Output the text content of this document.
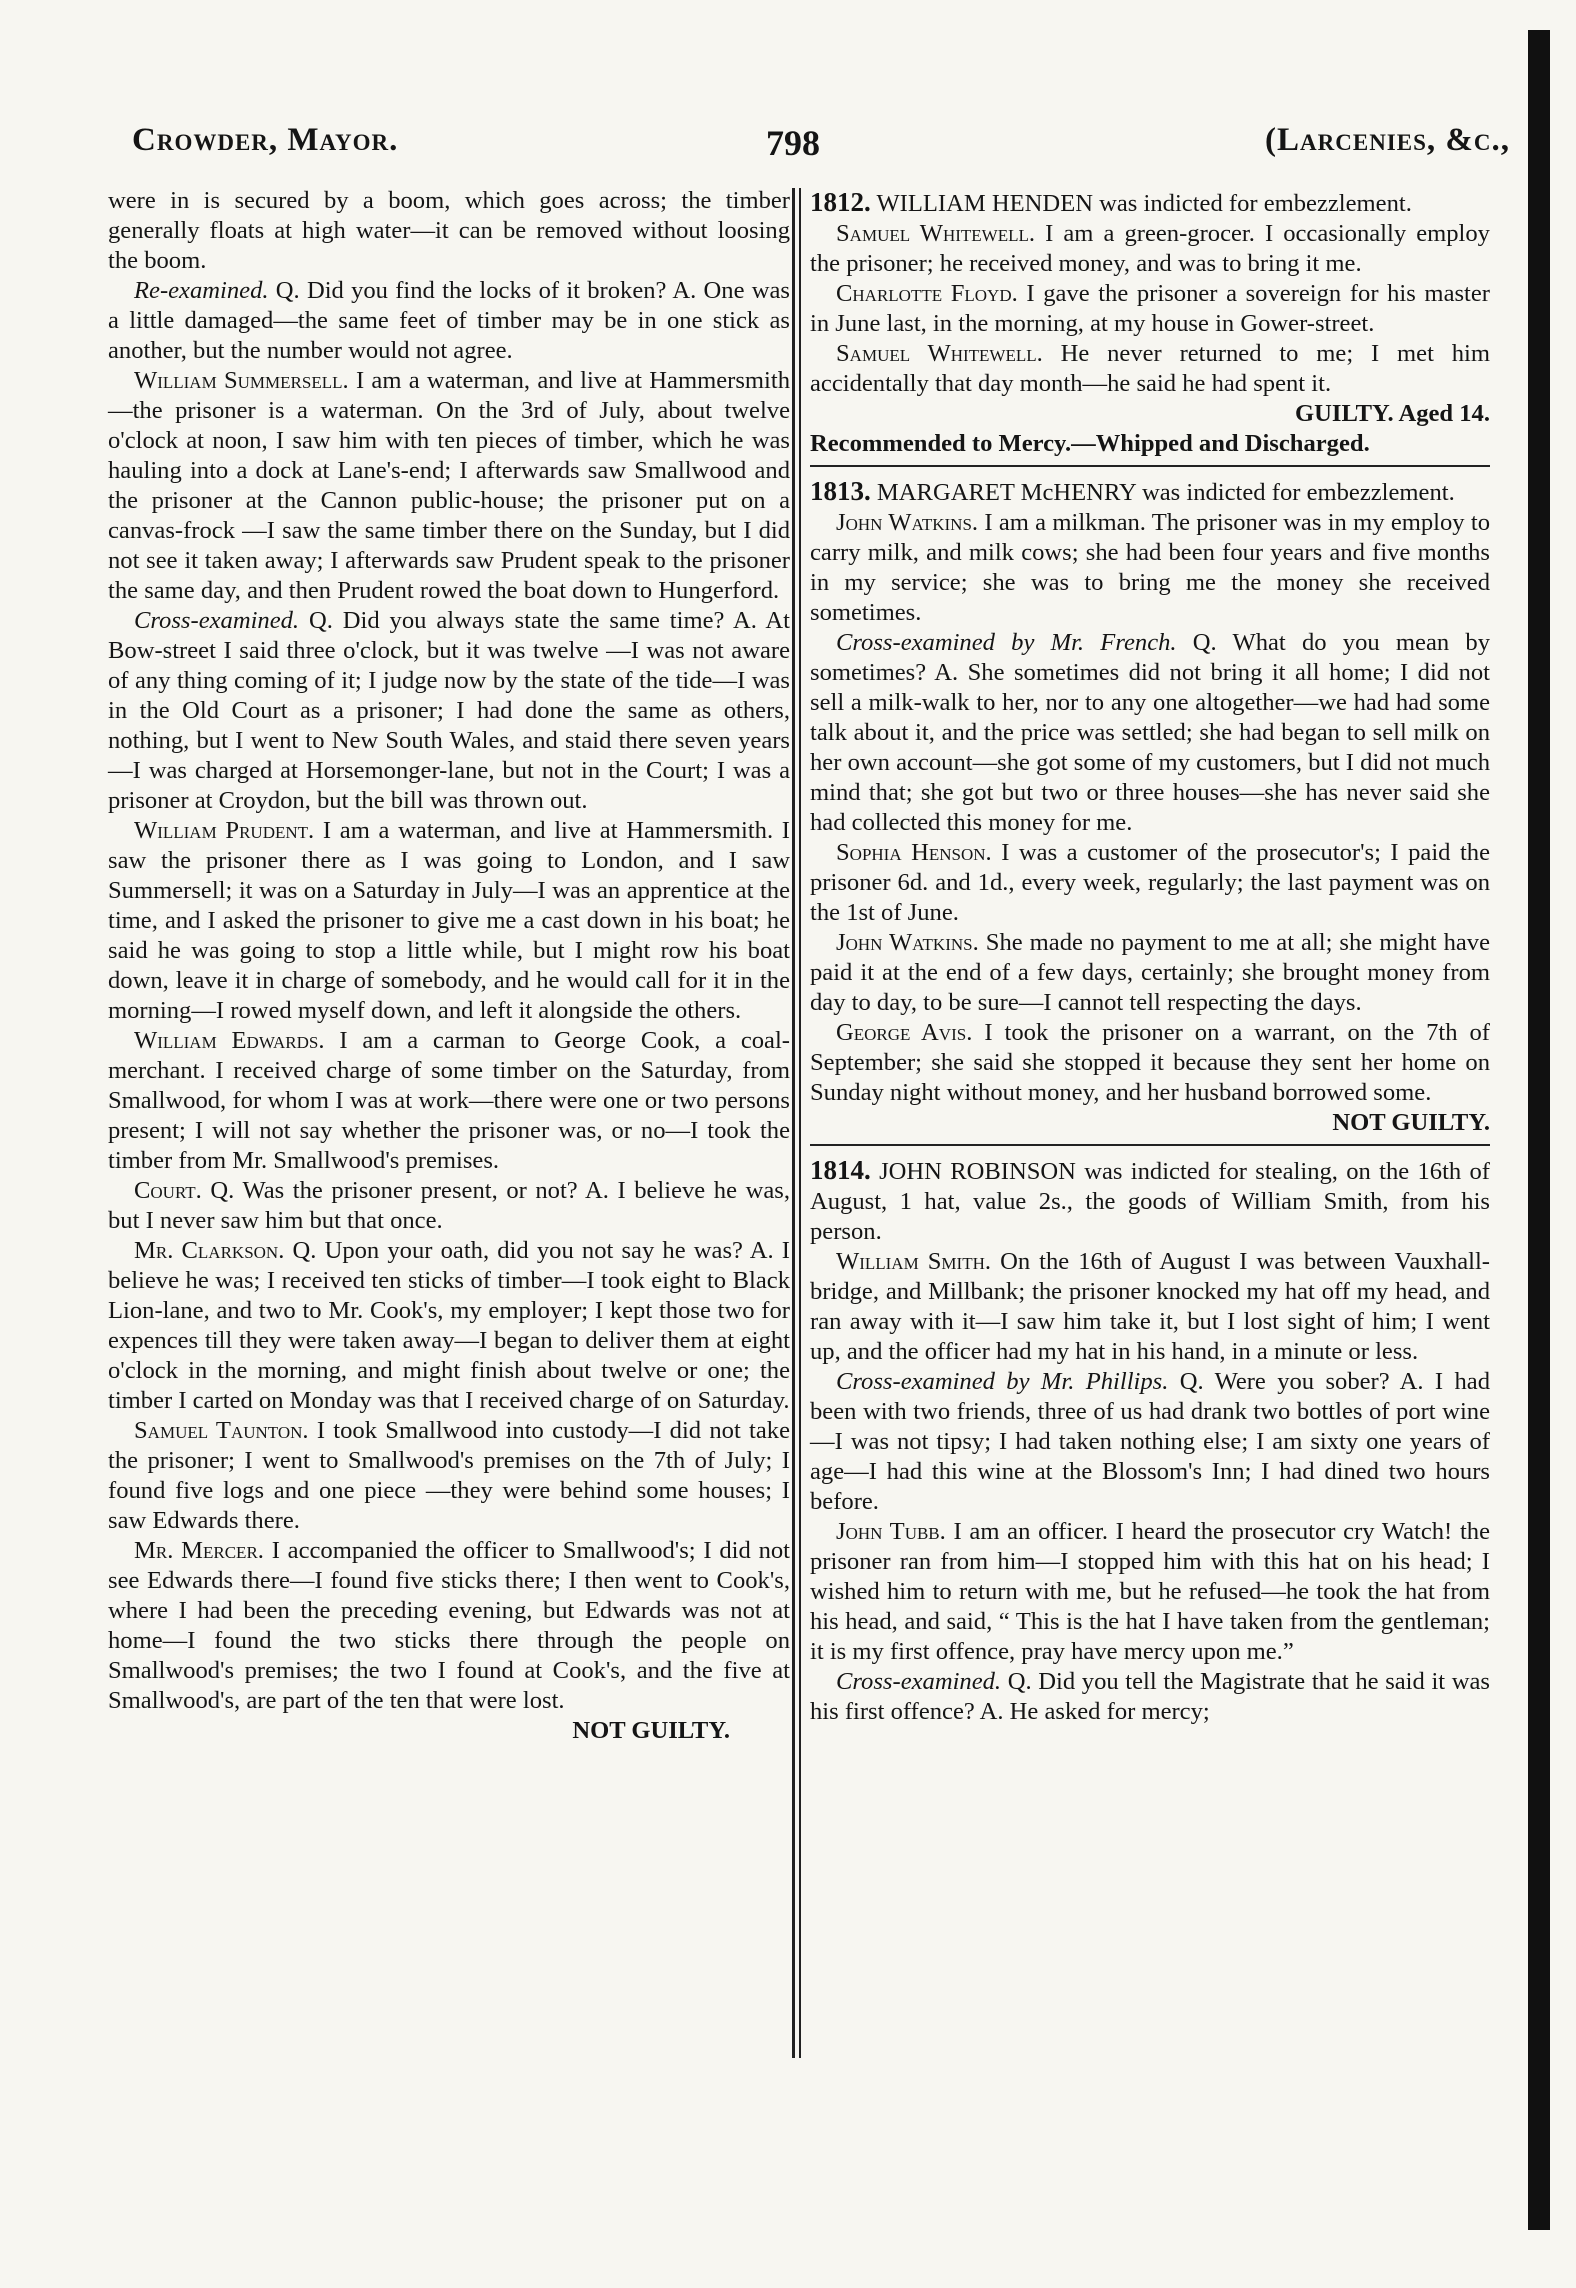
Crowder, Mayor.	798	(Larcenies, &c.,

were in is secured by a boom, which goes across; the timber generally floats at high water—it can be removed without loosing the boom.

Re-examined. Q. Did you find the locks of it broken? A. One was a little damaged—the same feet of timber may be in one stick as another, but the number would not agree.

William Summersell. I am a waterman, and live at Hammersmith—the prisoner is a waterman. On the 3rd of July, about twelve o'clock at noon, I saw him with ten pieces of timber, which he was hauling into a dock at Lane's-end; I afterwards saw Smallwood and the prisoner at the Cannon public-house; the prisoner put on a canvas-frock —I saw the same timber there on the Sunday, but I did not see it taken away; I afterwards saw Prudent speak to the prisoner the same day, and then Prudent rowed the boat down to Hungerford.

Cross-examined. Q. Did you always state the same time? A. At Bow-street I said three o'clock, but it was twelve —I was not aware of any thing coming of it; I judge now by the state of the tide—I was in the Old Court as a prisoner; I had done the same as others, nothing, but I went to New South Wales, and staid there seven years—I was charged at Horsemonger-lane, but not in the Court; I was a prisoner at Croydon, but the bill was thrown out.

William Prudent. I am a waterman, and live at Hammersmith. I saw the prisoner there as I was going to London, and I saw Summersell; it was on a Saturday in July—I was an apprentice at the time, and I asked the prisoner to give me a cast down in his boat; he said he was going to stop a little while, but I might row his boat down, leave it in charge of somebody, and he would call for it in the morning—I rowed myself down, and left it alongside the others.

William Edwards. I am a carman to George Cook, a coal-merchant. I received charge of some timber on the Saturday, from Smallwood, for whom I was at work—there were one or two persons present; I will not say whether the prisoner was, or no—I took the timber from Mr. Smallwood's premises.

Court. Q. Was the prisoner present, or not? A. I believe he was, but I never saw him but that once.

Mr. Clarkson. Q. Upon your oath, did you not say he was? A. I believe he was; I received ten sticks of timber—I took eight to Black Lion-lane, and two to Mr. Cook's, my employer; I kept those two for expences till they were taken away—I began to deliver them at eight o'clock in the morning, and might finish about twelve or one; the timber I carted on Monday was that I received charge of on Saturday.

Samuel Taunton. I took Smallwood into custody—I did not take the prisoner; I went to Smallwood's premises on the 7th of July; I found five logs and one piece —they were behind some houses; I saw Edwards there.

Mr. Mercer. I accompanied the officer to Smallwood's; I did not see Edwards there—I found five sticks there; I then went to Cook's, where I had been the preceding evening, but Edwards was not at home—I found the two sticks there through the people on Smallwood's premises; the two I found at Cook's, and the five at Smallwood's, are part of the ten that were lost.

NOT GUILTY.

1812. WILLIAM HENDEN was indicted for embezzlement.

Samuel Whitewell. I am a green-grocer. I occasionally employ the prisoner; he received money, and was to bring it me.

Charlotte Floyd. I gave the prisoner a sovereign for his master in June last, in the morning, at my house in Gower-street.

Samuel Whitewell. He never returned to me; I met him accidentally that day month—he said he had spent it.

GUILTY. Aged 14.

Recommended to Mercy.—Whipped and Discharged.

1813. MARGARET McHENRY was indicted for embezzlement.

John Watkins. I am a milkman. The prisoner was in my employ to carry milk, and milk cows; she had been four years and five months in my service; she was to bring me the money she received sometimes.

Cross-examined by Mr. French. Q. What do you mean by sometimes? A. She sometimes did not bring it all home; I did not sell a milk-walk to her, nor to any one altogether—we had had some talk about it, and the price was settled; she had began to sell milk on her own account—she got some of my customers, but I did not much mind that; she got but two or three houses—she has never said she had collected this money for me.

Sophia Henson. I was a customer of the prosecutor's; I paid the prisoner 6d. and 1d., every week, regularly; the last payment was on the 1st of June.

John Watkins. She made no payment to me at all; she might have paid it at the end of a few days, certainly; she brought money from day to day, to be sure—I cannot tell respecting the days.

George Avis. I took the prisoner on a warrant, on the 7th of September; she said she stopped it because they sent her home on Sunday night without money, and her husband borrowed some.

NOT GUILTY.

1814. JOHN ROBINSON was indicted for stealing, on the 16th of August, 1 hat, value 2s., the goods of William Smith, from his person.

William Smith. On the 16th of August I was between Vauxhall-bridge, and Millbank; the prisoner knocked my hat off my head, and ran away with it—I saw him take it, but I lost sight of him; I went up, and the officer had my hat in his hand, in a minute or less.

Cross-examined by Mr. Phillips. Q. Were you sober? A. I had been with two friends, three of us had drank two bottles of port wine—I was not tipsy; I had taken nothing else; I am sixty one years of age—I had this wine at the Blossom's Inn; I had dined two hours before.

John Tubb. I am an officer. I heard the prosecutor cry Watch! the prisoner ran from him—I stopped him with this hat on his head; I wished him to return with me, but he refused—he took the hat from his head, and said, “ This is the hat I have taken from the gentleman; it is my first offence, pray have mercy upon me.”

Cross-examined. Q. Did you tell the Magistrate that he said it was his first offence? A. He asked for mercy;
